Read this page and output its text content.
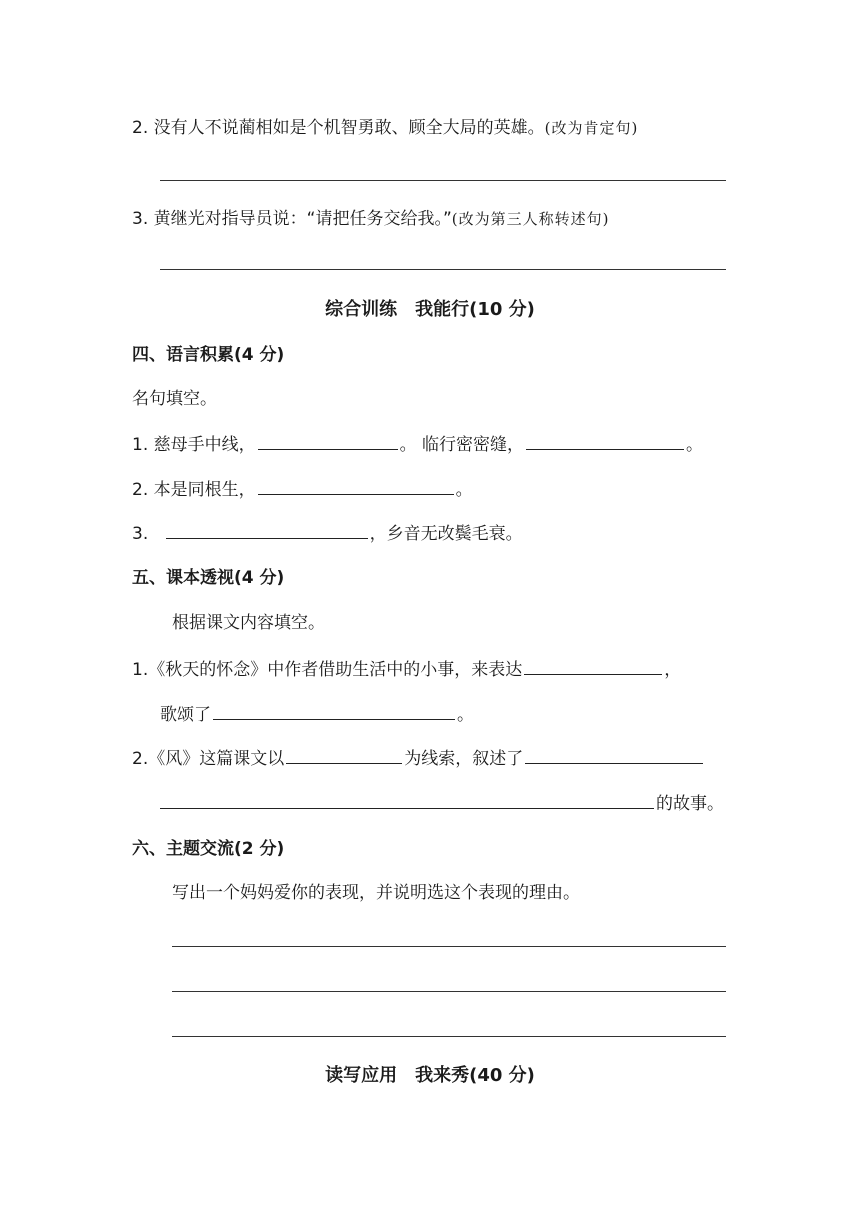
2. 没有人不说蔺相如是个机智勇敢、顾全大局的英雄。(改为肯定句)
3. 黄继光对指导员说：“请把任务交给我。”(改为第三人称转述句)
综合训练　我能行(10 分)
四、语言积累(4 分)
名句填空。
1. 慈母手中线，	。 临行密密缝，	。
2. 本是同根生，	。
3.	，乡音无改鬓毛衰。
五、课本透视(4 分)
根据课文内容填空。
1.《秋天的怀念》中作者借助生活中的小事，来表达	，
歌颂了	。
2.《风》这篇课文以	为线索，叙述了
的故事。
六、主题交流(2 分)
写出一个妈妈爱你的表现，并说明选这个表现的理由。
读写应用　我来秀(40 分)
